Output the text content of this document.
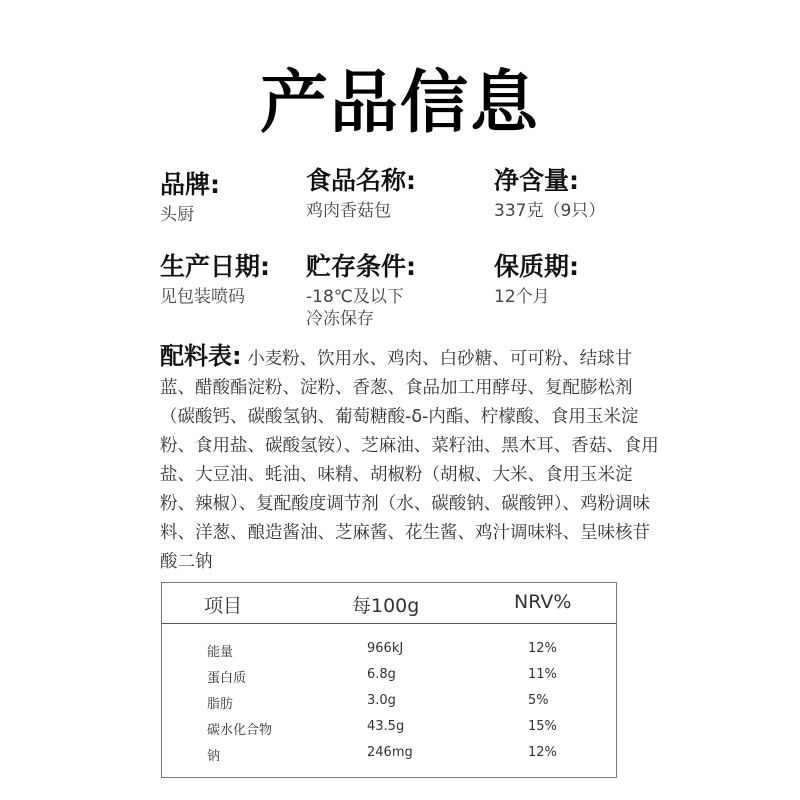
产品信息
品牌:
头厨
食品名称:
鸡肉香菇包
净含量:
337克（9只）
生产日期:
见包装喷码
贮存条件:
-18℃及以下
冷冻保存
保质期:
12个月
配料表: 小麦粉、饮用水、鸡肉、白砂糖、可可粉、结球甘蓝、醋酸酯淀粉、淀粉、香葱、食品加工用酵母、复配膨松剂（碳酸钙、碳酸氢钠、葡萄糖酸-δ-内酯、柠檬酸、食用玉米淀粉、食用盐、碳酸氢铵）、芝麻油、菜籽油、黑木耳、香菇、食用盐、大豆油、蚝油、味精、胡椒粉（胡椒、大米、食用玉米淀粉、辣椒）、复配酸度调节剂（水、碳酸钠、碳酸钾）、鸡粉调味料、洋葱、酿造酱油、芝麻酱、花生酱、鸡汁调味料、呈味核苷酸二钠
项目	每100g	NRV%
能量	966kJ	12%
蛋白质	6.8g	11%
脂肪	3.0g	5%
碳水化合物	43.5g	15%
钠	246mg	12%
